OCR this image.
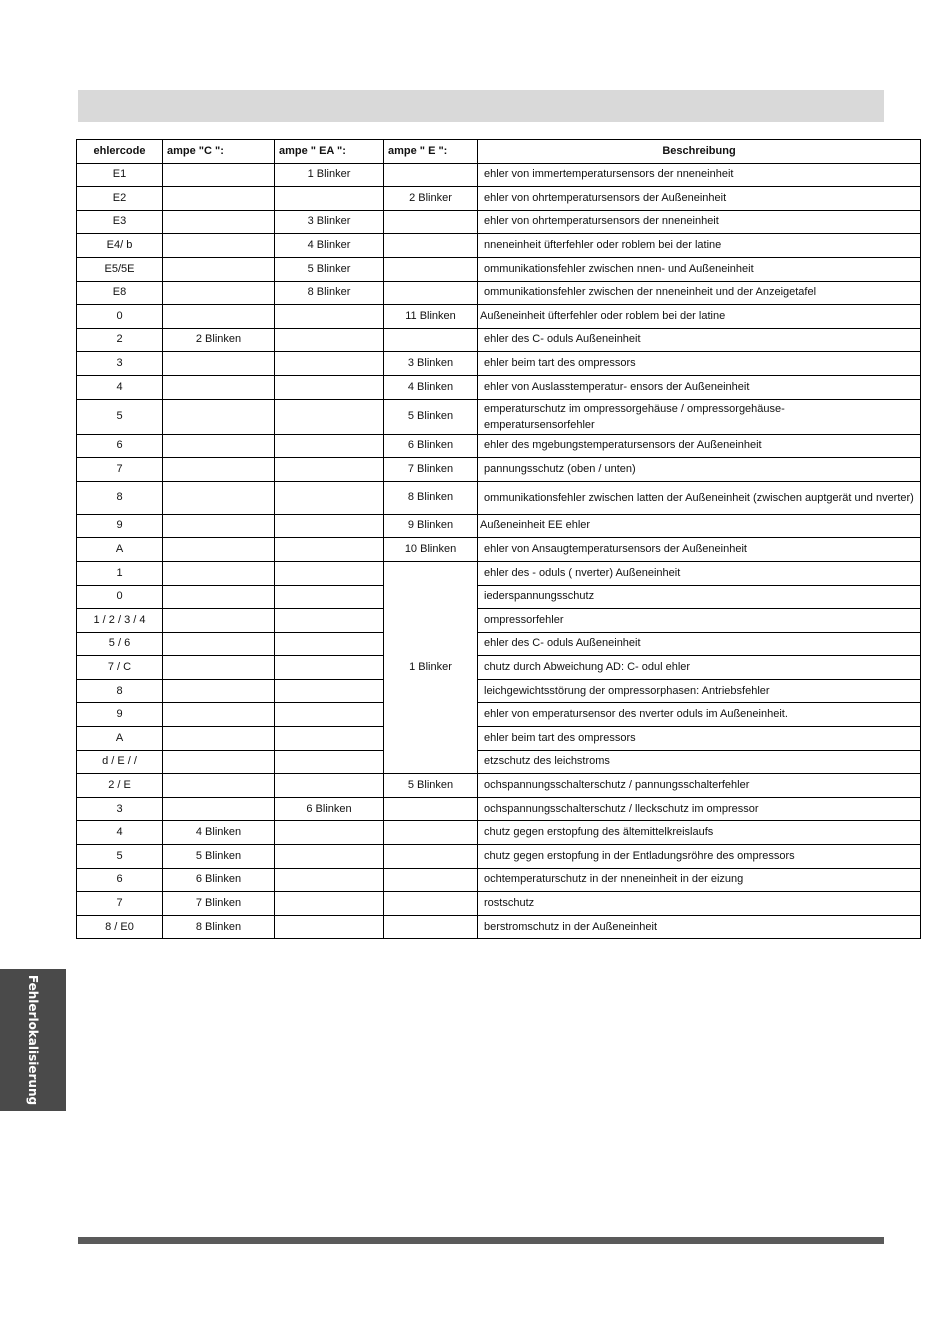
ehlercode	ampe "C ":	ampe " EA ":	ampe " E ":	Beschreibung
E1		1 Blinker		ehler von immertemperatursensors der nneneinheit
E2			2 Blinker	ehler von ohrtemperatursensors der Außeneinheit
E3		3 Blinker		ehler von ohrtemperatursensors der nneneinheit
E4/ b		4 Blinker		nneneinheit üfterfehler oder roblem bei der latine
E5/5E		5 Blinker		ommunikationsfehler zwischen nnen- und Außeneinheit
E8		8 Blinker		ommunikationsfehler zwischen der nneneinheit und der Anzeigetafel
0			11 Blinken	Außeneinheit üfterfehler oder roblem bei der latine
2	2 Blinken			ehler des C- oduls Außeneinheit
3			3 Blinken	ehler beim tart des ompressors
4			4 Blinken	ehler von Auslasstemperatur- ensors der Außeneinheit
5			5 Blinken	emperaturschutz im ompressorgehäuse / ompressorgehäuse-emperatursensorfehler
6			6 Blinken	ehler des mgebungstemperatursensors der Außeneinheit
7			7 Blinken	pannungsschutz (oben / unten)
8			8 Blinken	ommunikationsfehler zwischen latten der Außeneinheit (zwischen auptgerät und nverter)
9			9 Blinken	Außeneinheit EE ehler
A			10 Blinken	ehler von Ansaugtemperatursensors der Außeneinheit
1			1 Blinker	ehler des - oduls ( nverter) Außeneinheit
0				iederspannungsschutz
1 / 2 / 3 / 4				ompressorfehler
5 / 6				ehler des C- oduls Außeneinheit
7 / C				chutz durch Abweichung AD: C- odul ehler
8				leichgewichtsstörung der ompressorphasen: Antriebsfehler
9				ehler von emperatursensor des nverter oduls im Außeneinheit.
A				ehler beim tart des ompressors
d / E / /				etzschutz des leichstroms
2 / E			5 Blinken	ochspannungsschalterschutz / pannungsschalterfehler
3		6 Blinken		ochspannungsschalterschutz / lleckschutz im ompressor
4	4 Blinken			chutz gegen erstopfung des ältemittelkreislaufs
5	5 Blinken			chutz gegen erstopfung in der Entladungsröhre des ompressors
6	6 Blinken			ochtemperaturschutz in der nneneinheit in der eizung
7	7 Blinken			rostschutz
8 / E0	8 Blinken			berstromschutz in der Außeneinheit
Fehlerlokalisierung
